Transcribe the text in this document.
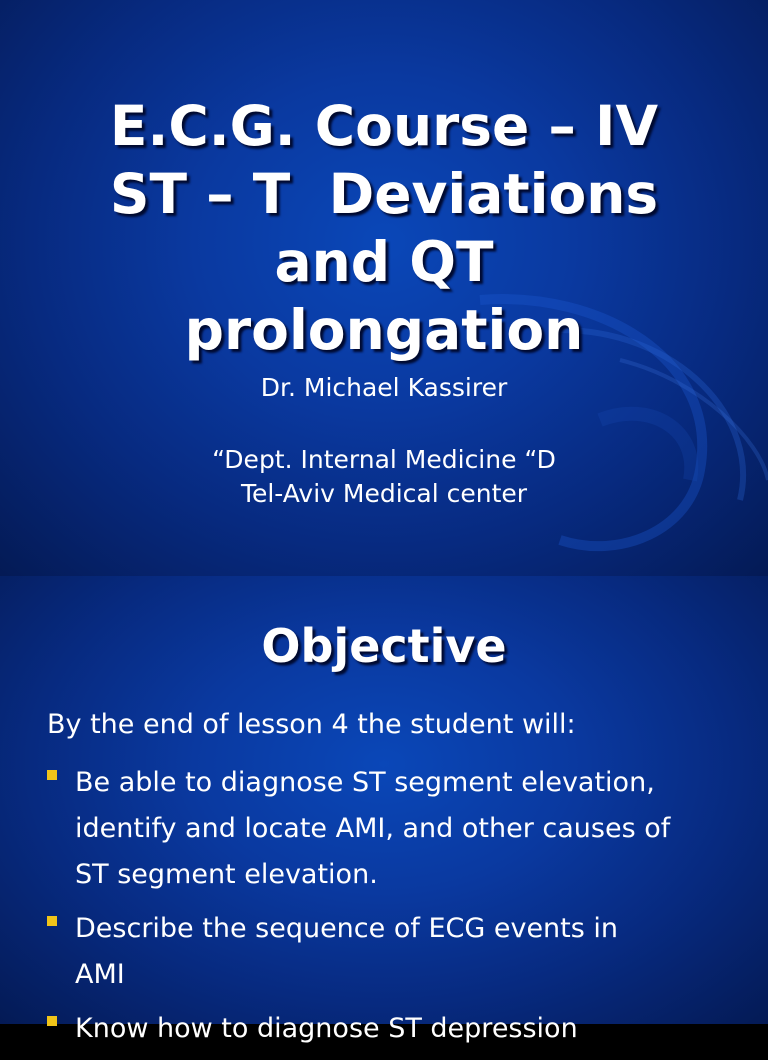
E.C.G. Course – IV
ST – T  Deviations
and QT
prolongation
Dr. Michael Kassirer
“Dept. Internal Medicine “D
Tel-Aviv Medical center
Objective
By the end of lesson 4 the student will:
Be able to diagnose ST segment elevation,
identify and locate AMI, and other causes of
ST segment elevation.
Describe the sequence of ECG events in
AMI
Know how to diagnose ST depression
